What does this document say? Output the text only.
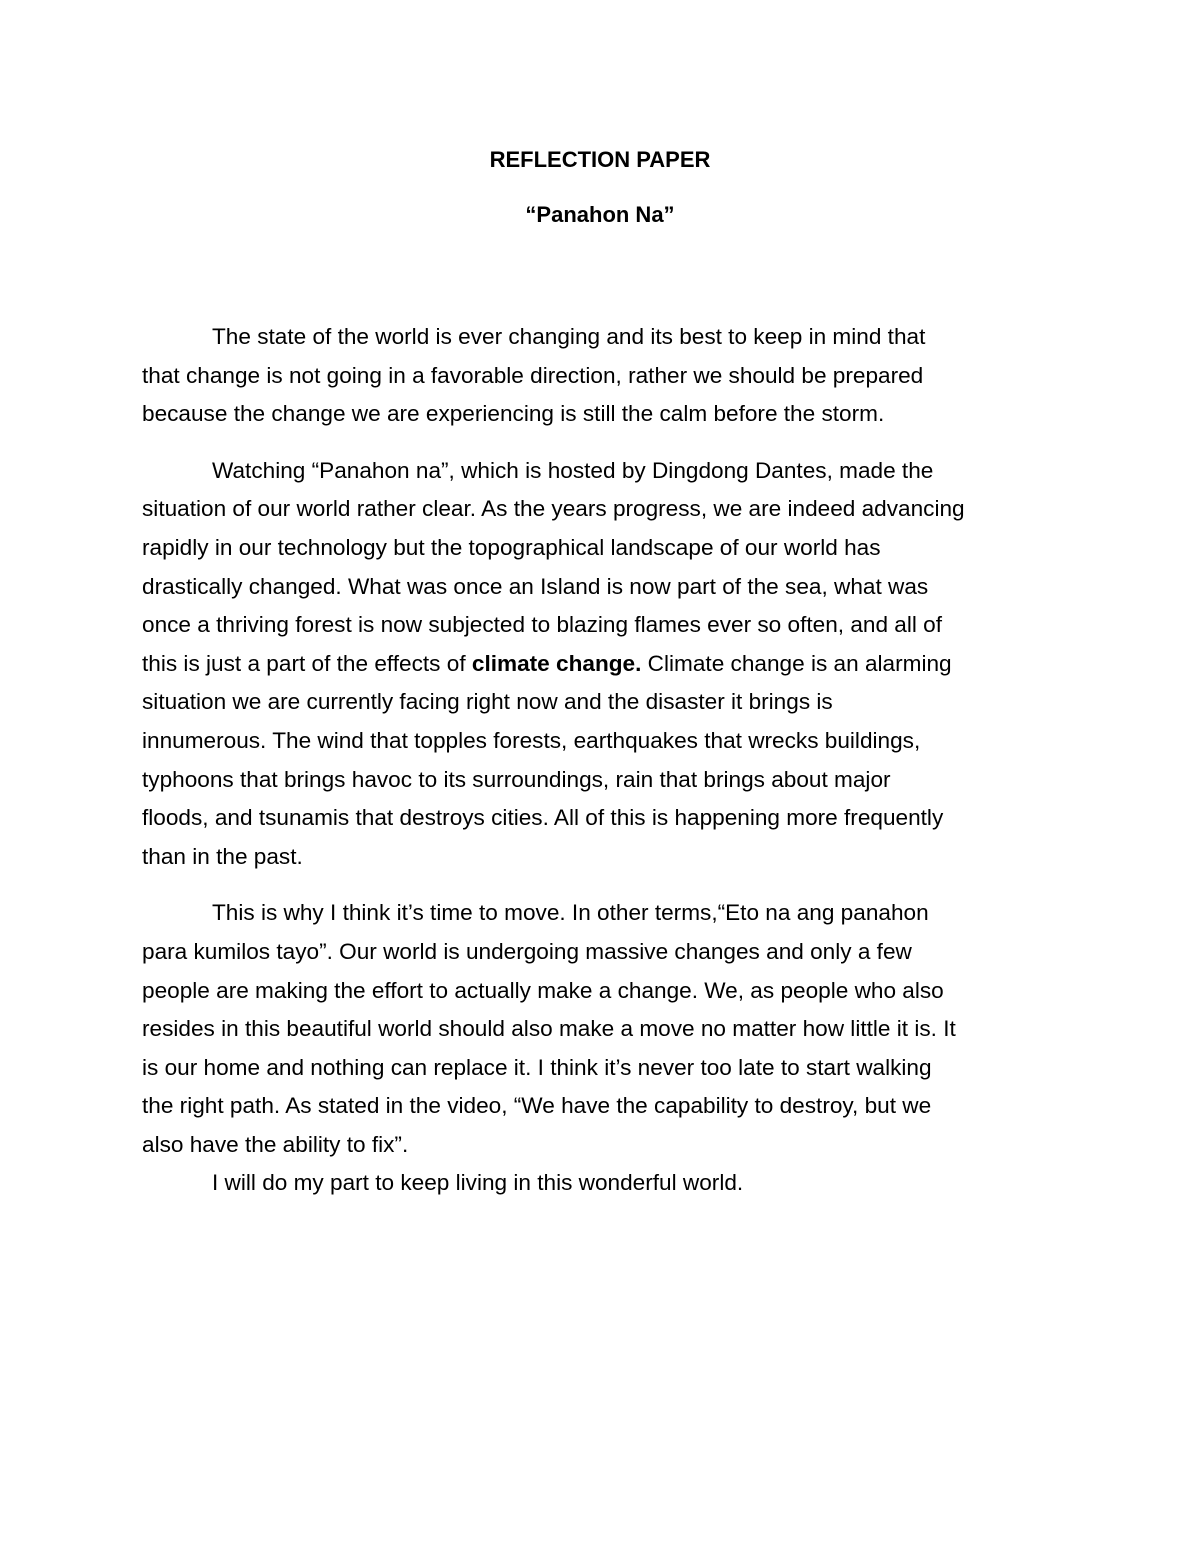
REFLECTION PAPER
“Panahon Na”
The state of the world is ever changing and its best to keep in mind that
that change is not going in a favorable direction, rather we should be prepared
because the change we are experiencing is still the calm before the storm.
Watching “Panahon na”, which is hosted by Dingdong Dantes, made the
situation of our world rather clear. As the years progress, we are indeed advancing
rapidly in our technology but the topographical landscape of our world has
drastically changed. What was once an Island is now part of the sea, what was
once a thriving forest is now subjected to blazing flames ever so often, and all of
this is just a part of the effects of climate change. Climate change is an alarming
situation we are currently facing right now and the disaster it brings is
innumerous. The wind that topples forests, earthquakes that wrecks buildings,
typhoons that brings havoc to its surroundings, rain that brings about major
floods, and tsunamis that destroys cities. All of this is happening more frequently
than in the past.
This is why I think it’s time to move. In other terms,“Eto na ang panahon
para kumilos tayo”. Our world is undergoing massive changes and only a few
people are making the effort to actually make a change. We, as people who also
resides in this beautiful world should also make a move no matter how little it is. It
is our home and nothing can replace it. I think it’s never too late to start walking
the right path. As stated in the video, “We have the capability to destroy, but we
also have the ability to fix”.
I will do my part to keep living in this wonderful world.
